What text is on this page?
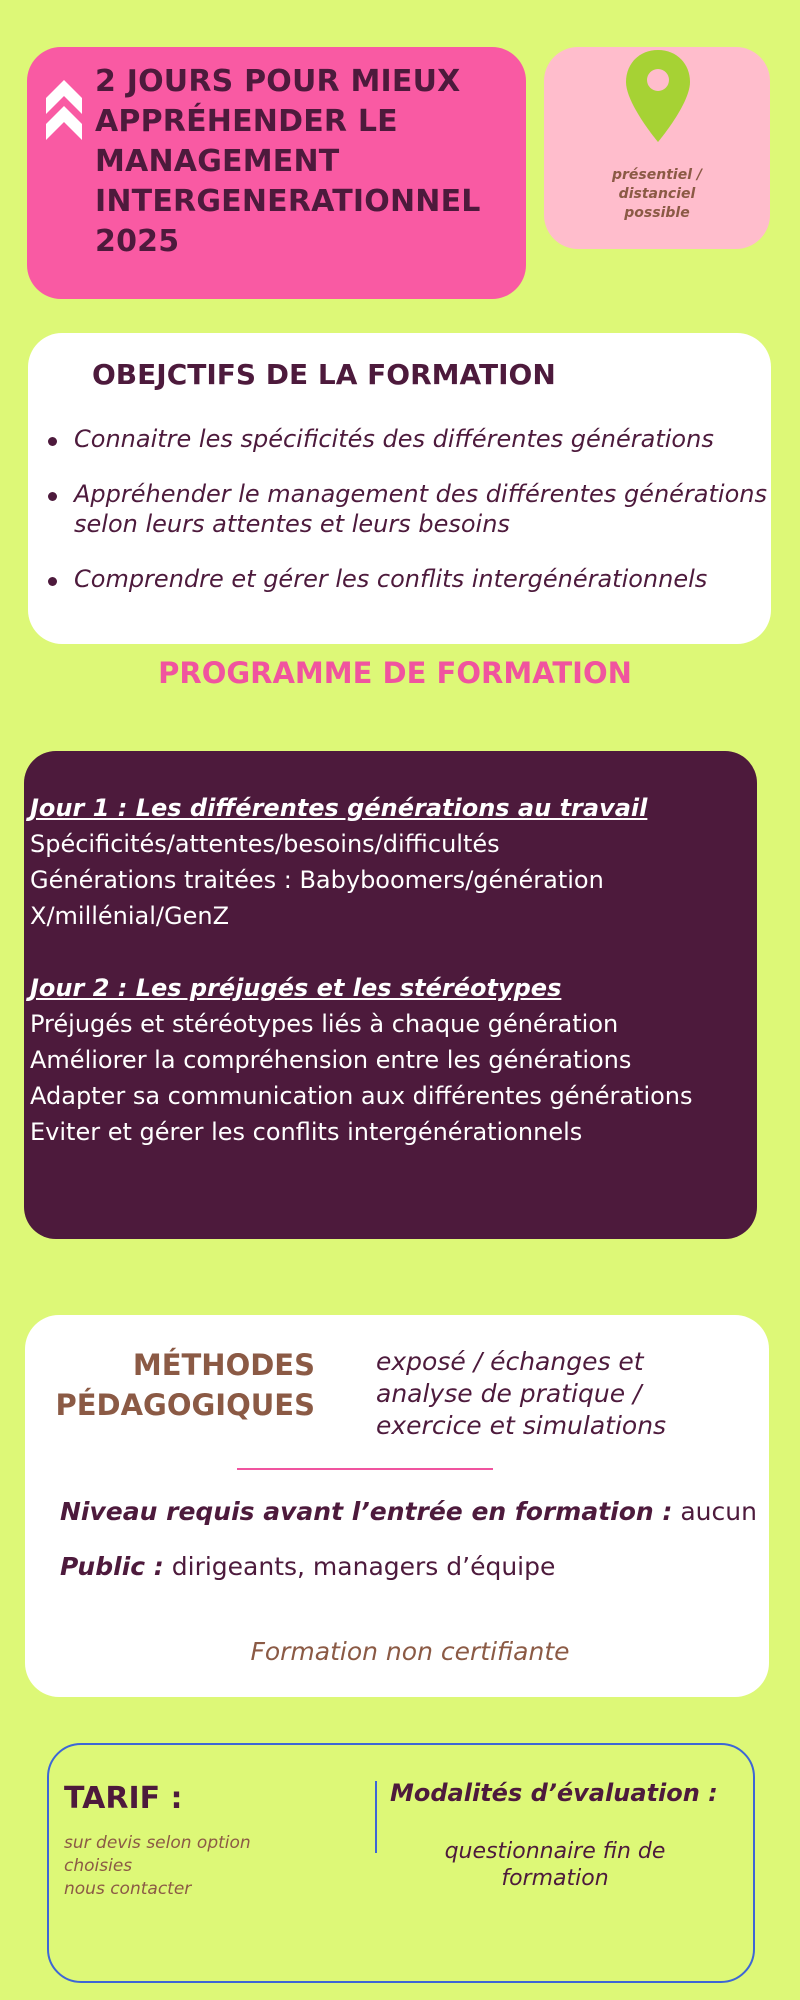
2 JOURS POUR MIEUX APPRÉHENDER LE MANAGEMENT INTERGENERATIONNEL 2025
présentiel /
distanciel
possible
OBEJCTIFS DE LA FORMATION
Connaitre les spécificités des différentes générations
Appréhender le management des différentes générations selon leurs attentes et leurs besoins
Comprendre et gérer les conflits intergénérationnels
PROGRAMME DE FORMATION
Jour 1 : Les différentes générations au travail
Spécificités/attentes/besoins/difficultés
Générations traitées : Babyboomers/génération X/millénial/GenZ
Jour 2 : Les préjugés et les stéréotypes
Préjugés et stéréotypes liés à chaque génération
Améliorer la compréhension entre les générations
Adapter sa communication aux différentes générations
Eviter et gérer les conflits intergénérationnels
MÉTHODES
PÉDAGOGIQUES
exposé / échanges et
analyse de pratique /
exercice et simulations
Niveau requis avant l’entrée en formation : aucun
Public : dirigeants, managers d’équipe
Formation non certifiante
TARIF :
sur devis selon option
choisies
nous contacter
Modalités d’évaluation :
questionnaire fin de formation
